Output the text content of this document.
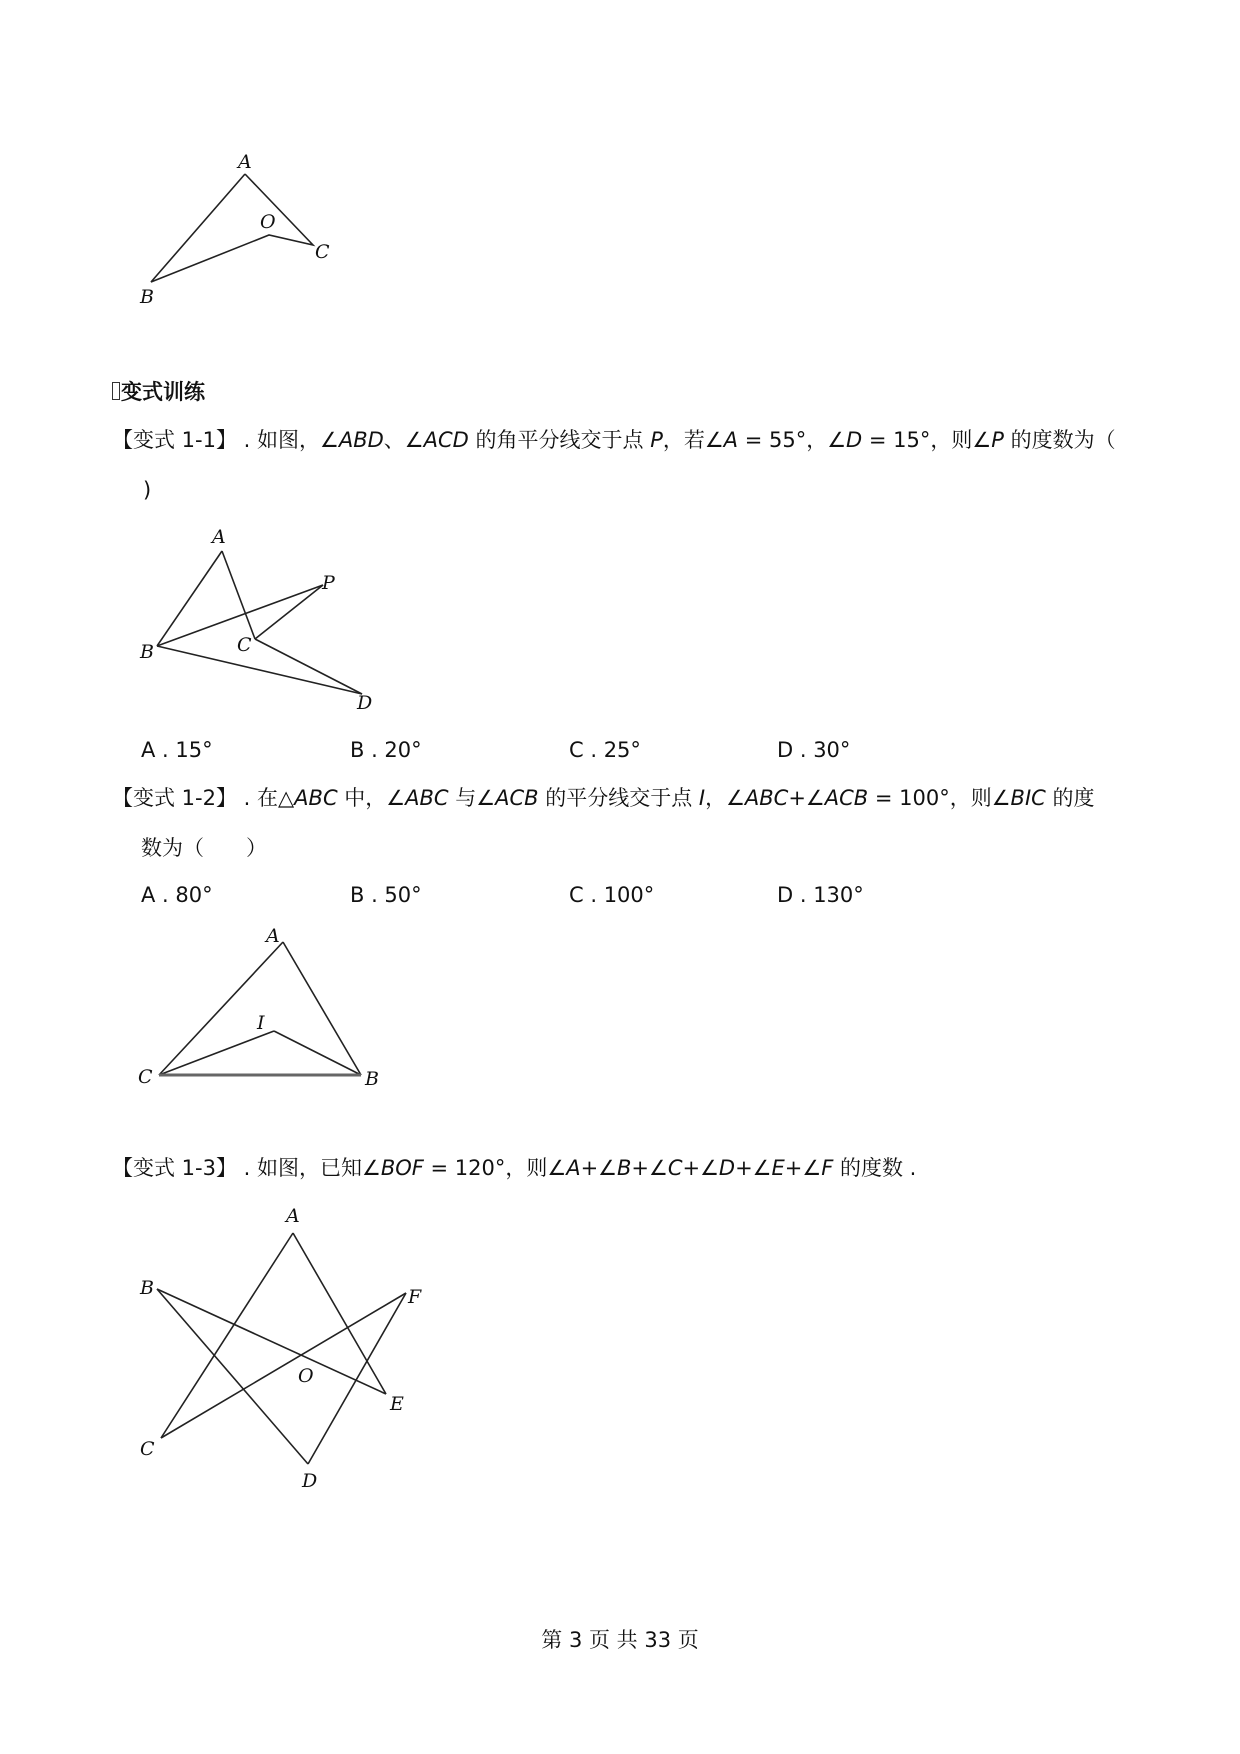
A
O
C
B
A
P
C
B
D
A
I
C	B
A
B	F
O
E
C
D
变式训练
【变式 1-1】 . 如图，∠ABD、∠ACD 的角平分线交于点 P，若∠A = 55°，∠D = 15°，则∠P 的度数为（
)
A . 15°	B . 20°	C . 25°	D . 30°
【变式 1-2】 . 在△ABC 中，∠ABC 与∠ACB 的平分线交于点 I，∠ABC+∠ACB = 100°，则∠BIC 的度
数为（　　）
A . 80°	B . 50°	C . 100°	D . 130°
【变式 1-3】 . 如图，已知∠BOF = 120°，则∠A+∠B+∠C+∠D+∠E+∠F 的度数 .
第 3 页 共 33 页
